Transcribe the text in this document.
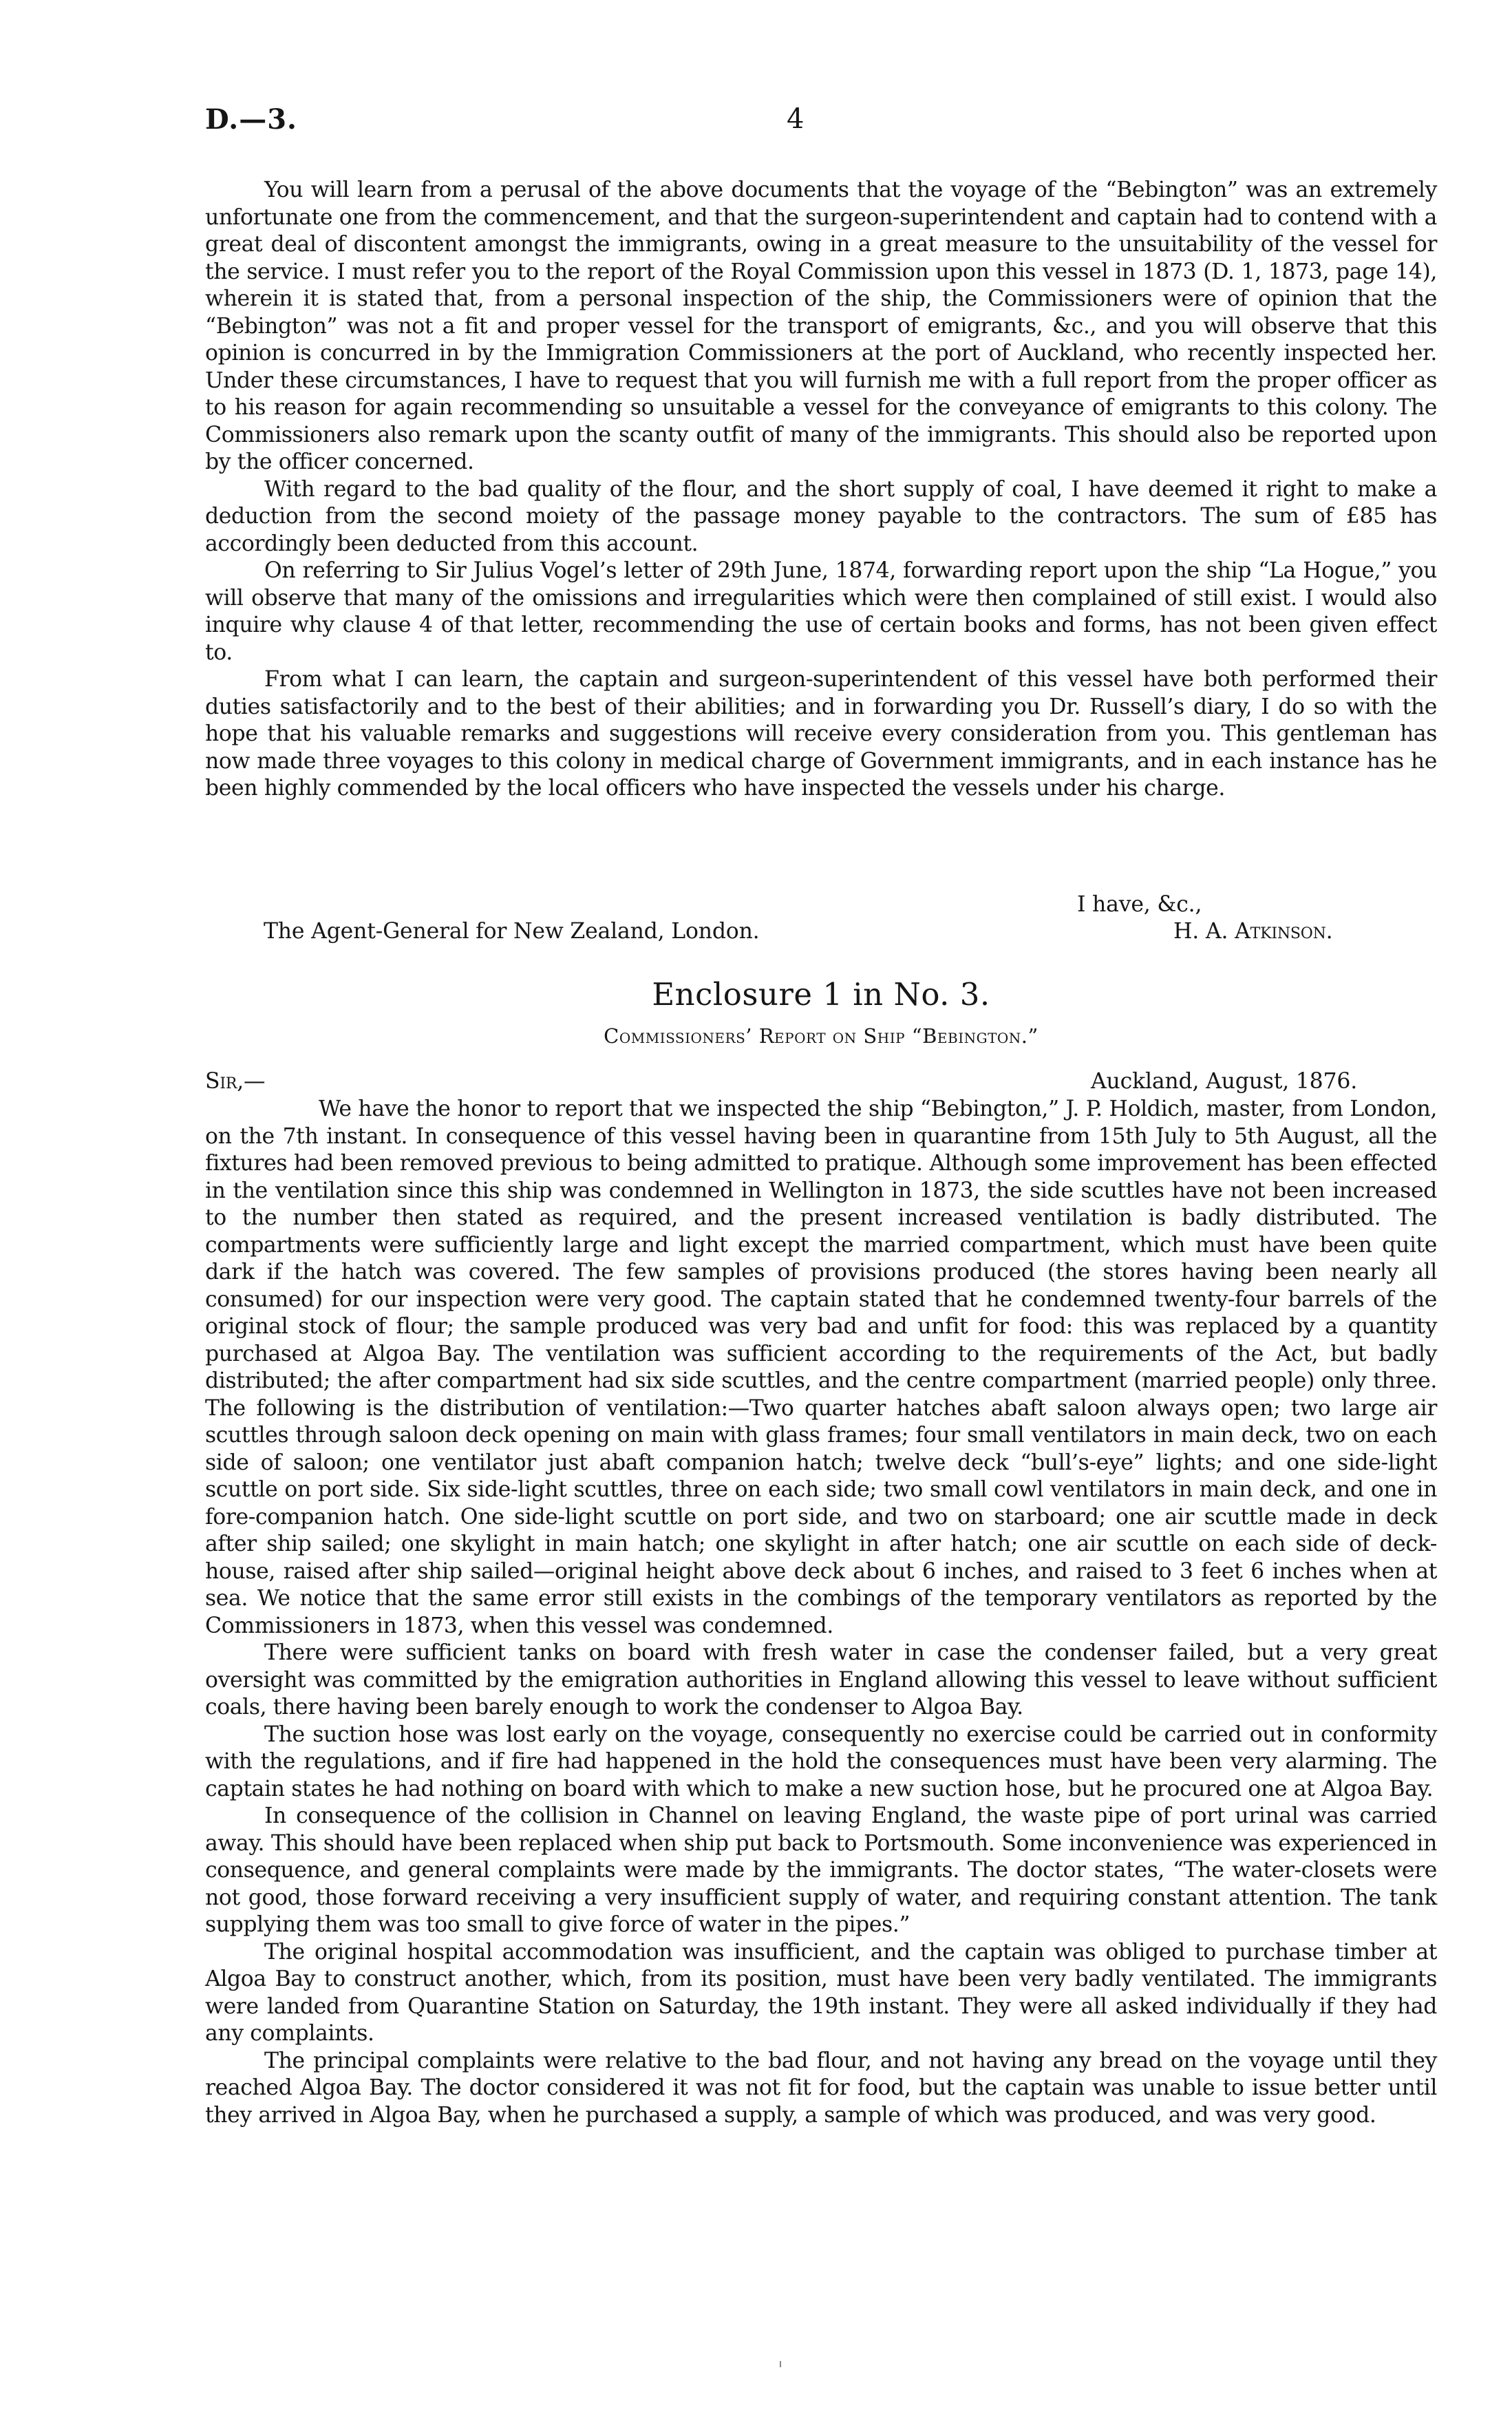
D.—3.	4

You will learn from a perusal of the above documents that the voyage of the “Bebington” was an extremely unfortunate one from the commencement, and that the surgeon-superintendent and captain had to contend with a great deal of discontent amongst the immigrants, owing in a great measure to the unsuitability of the vessel for the service. I must refer you to the report of the Royal Commission upon this vessel in 1873 (D. 1, 1873, page 14), wherein it is stated that, from a personal inspection of the ship, the Commissioners were of opinion that the “Bebington” was not a fit and proper vessel for the transport of emigrants, &c., and you will observe that this opinion is concurred in by the Immigration Commissioners at the port of Auckland, who recently inspected her. Under these circumstances, I have to request that you will furnish me with a full report from the proper officer as to his reason for again recommending so unsuitable a vessel for the conveyance of emigrants to this colony. The Commissioners also remark upon the scanty outfit of many of the immigrants. This should also be reported upon by the officer concerned.

With regard to the bad quality of the flour, and the short supply of coal, I have deemed it right to make a deduction from the second moiety of the passage money payable to the contractors. The sum of £85 has accordingly been deducted from this account.

On referring to Sir Julius Vogel’s letter of 29th June, 1874, forwarding report upon the ship “La Hogue,” you will observe that many of the omissions and irregularities which were then complained of still exist. I would also inquire why clause 4 of that letter, recommending the use of certain books and forms, has not been given effect to.

From what I can learn, the captain and surgeon-superintendent of this vessel have both performed their duties satisfactorily and to the best of their abilities; and in forwarding you Dr. Russell’s diary, I do so with the hope that his valuable remarks and suggestions will receive every consideration from you. This gentleman has now made three voyages to this colony in medical charge of Government immigrants, and in each instance has he been highly commended by the local officers who have inspected the vessels under his charge.

I have, &c.,
The Agent-General for New Zealand, London.	H. A. Atkinson.
Enclosure 1 in No. 3.
Commissioners’ Report on Ship “Bebington.”
Sir,—	Auckland, August, 1876.

We have the honor to report that we inspected the ship “Bebington,” J. P. Holdich, master, from London, on the 7th instant. In consequence of this vessel having been in quarantine from 15th July to 5th August, all the fixtures had been removed previous to being admitted to pratique. Although some improvement has been effected in the ventilation since this ship was condemned in Wellington in 1873, the side scuttles have not been increased to the number then stated as required, and the present increased ventilation is badly distributed. The compartments were sufficiently large and light except the married compartment, which must have been quite dark if the hatch was covered. The few samples of provisions produced (the stores having been nearly all consumed) for our inspection were very good. The captain stated that he condemned twenty-four barrels of the original stock of flour; the sample produced was very bad and unfit for food: this was replaced by a quantity purchased at Algoa Bay. The ventilation was sufficient according to the requirements of the Act, but badly distributed; the after compartment had six side scuttles, and the centre compartment (married people) only three. The following is the distribution of ventilation:—Two quarter hatches abaft saloon always open; two large air scuttles through saloon deck opening on main with glass frames; four small ventilators in main deck, two on each side of saloon; one ventilator just abaft companion hatch; twelve deck “bull’s-eye” lights; and one side-light scuttle on port side. Six side-light scuttles, three on each side; two small cowl ventilators in main deck, and one in fore-companion hatch. One side-light scuttle on port side, and two on starboard; one air scuttle made in deck after ship sailed; one skylight in main hatch; one skylight in after hatch; one air scuttle on each side of deck-house, raised after ship sailed—original height above deck about 6 inches, and raised to 3 feet 6 inches when at sea. We notice that the same error still exists in the combings of the temporary ventilators as reported by the Commissioners in 1873, when this vessel was condemned.

There were sufficient tanks on board with fresh water in case the condenser failed, but a very great oversight was committed by the emigration authorities in England allowing this vessel to leave without sufficient coals, there having been barely enough to work the condenser to Algoa Bay.

The suction hose was lost early on the voyage, consequently no exercise could be carried out in conformity with the regulations, and if fire had happened in the hold the consequences must have been very alarming. The captain states he had nothing on board with which to make a new suction hose, but he procured one at Algoa Bay.

In consequence of the collision in Channel on leaving England, the waste pipe of port urinal was carried away. This should have been replaced when ship put back to Portsmouth. Some inconvenience was experienced in consequence, and general complaints were made by the immigrants. The doctor states, “The water-closets were not good, those forward receiving a very insufficient supply of water, and requiring constant attention. The tank supplying them was too small to give force of water in the pipes.”

The original hospital accommodation was insufficient, and the captain was obliged to purchase timber at Algoa Bay to construct another, which, from its position, must have been very badly ventilated. The immigrants were landed from Quarantine Station on Saturday, the 19th instant. They were all asked individually if they had any complaints.

The principal complaints were relative to the bad flour, and not having any bread on the voyage until they reached Algoa Bay. The doctor considered it was not fit for food, but the captain was unable to issue better until they arrived in Algoa Bay, when he purchased a supply, a sample of which was produced, and was very good.
